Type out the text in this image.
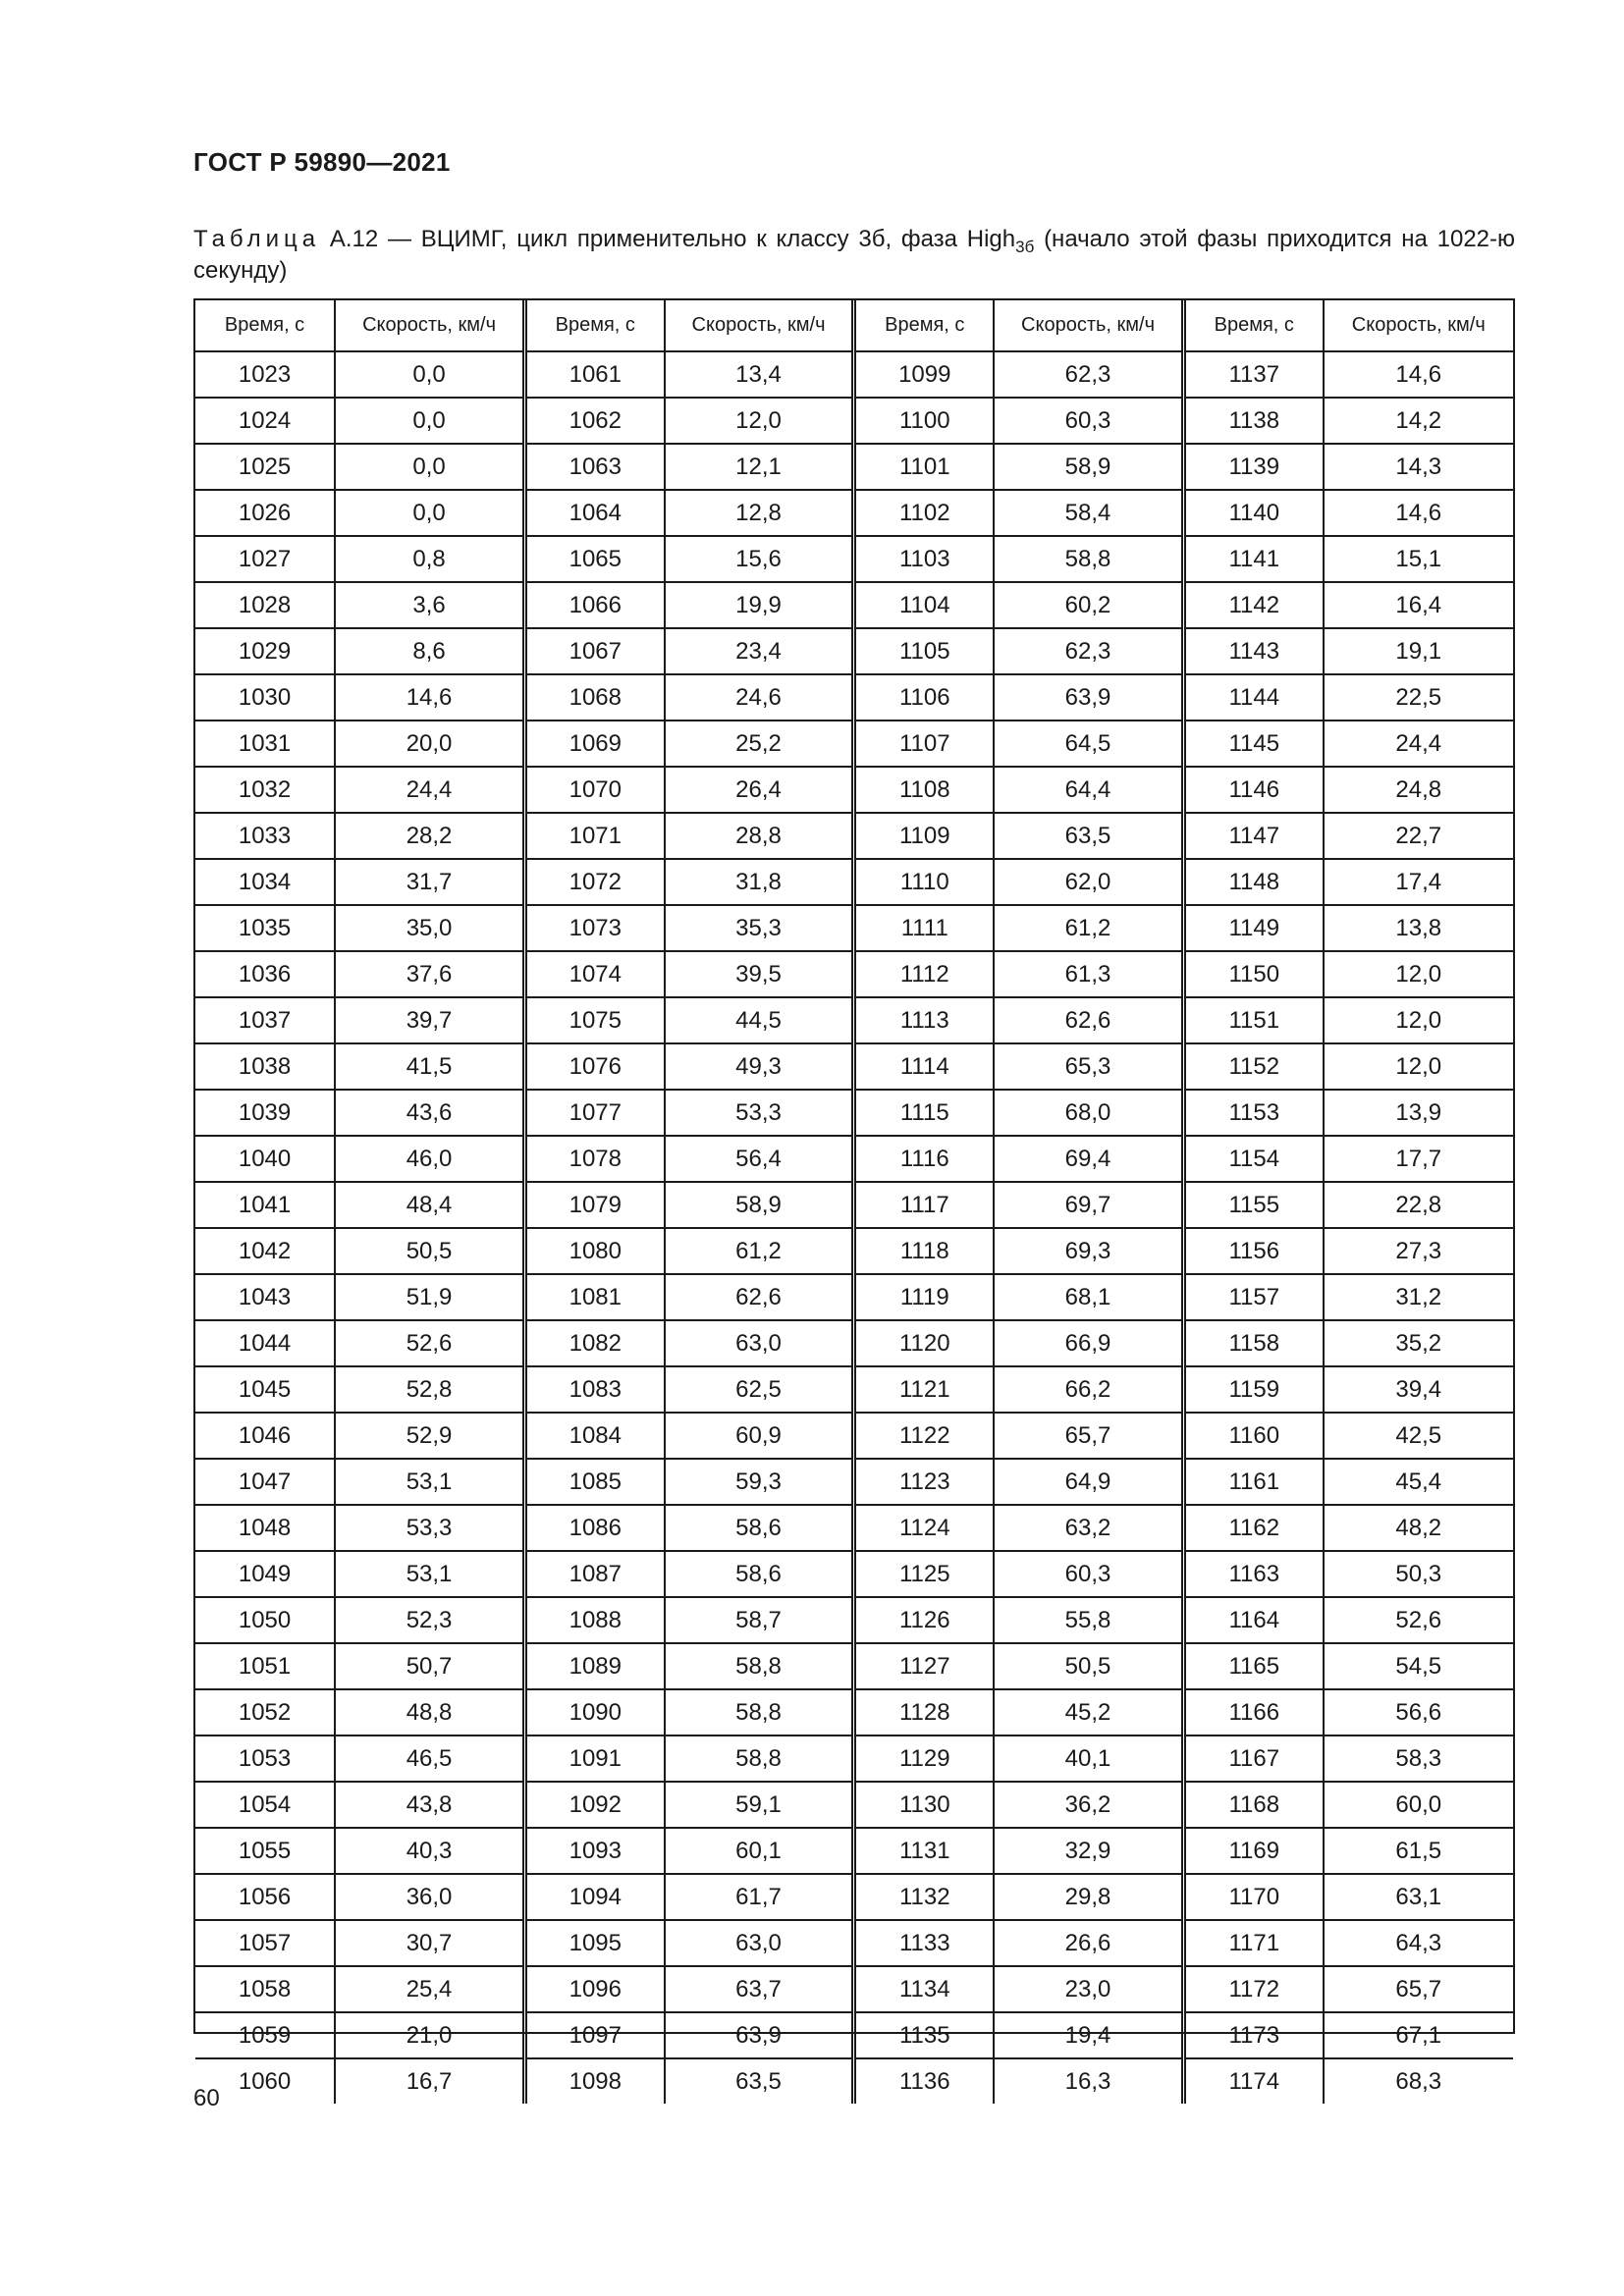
ГОСТ Р 59890—2021
Таблица А.12 — ВЦИМГ, цикл применительно к классу 3б, фаза High$_{3б}$ (начало этой фазы приходится на 1022-ю секунду)
Время, с	Скорость, км/ч	Время, с	Скорость, км/ч	Время, с	Скорость, км/ч	Время, с	Скорость, км/ч
1023	0,0	1061	13,4	1099	62,3	1137	14,6
1024	0,0	1062	12,0	1100	60,3	1138	14,2
1025	0,0	1063	12,1	1101	58,9	1139	14,3
1026	0,0	1064	12,8	1102	58,4	1140	14,6
1027	0,8	1065	15,6	1103	58,8	1141	15,1
1028	3,6	1066	19,9	1104	60,2	1142	16,4
1029	8,6	1067	23,4	1105	62,3	1143	19,1
1030	14,6	1068	24,6	1106	63,9	1144	22,5
1031	20,0	1069	25,2	1107	64,5	1145	24,4
1032	24,4	1070	26,4	1108	64,4	1146	24,8
1033	28,2	1071	28,8	1109	63,5	1147	22,7
1034	31,7	1072	31,8	1110	62,0	1148	17,4
1035	35,0	1073	35,3	1111	61,2	1149	13,8
1036	37,6	1074	39,5	1112	61,3	1150	12,0
1037	39,7	1075	44,5	1113	62,6	1151	12,0
1038	41,5	1076	49,3	1114	65,3	1152	12,0
1039	43,6	1077	53,3	1115	68,0	1153	13,9
1040	46,0	1078	56,4	1116	69,4	1154	17,7
1041	48,4	1079	58,9	1117	69,7	1155	22,8
1042	50,5	1080	61,2	1118	69,3	1156	27,3
1043	51,9	1081	62,6	1119	68,1	1157	31,2
1044	52,6	1082	63,0	1120	66,9	1158	35,2
1045	52,8	1083	62,5	1121	66,2	1159	39,4
1046	52,9	1084	60,9	1122	65,7	1160	42,5
1047	53,1	1085	59,3	1123	64,9	1161	45,4
1048	53,3	1086	58,6	1124	63,2	1162	48,2
1049	53,1	1087	58,6	1125	60,3	1163	50,3
1050	52,3	1088	58,7	1126	55,8	1164	52,6
1051	50,7	1089	58,8	1127	50,5	1165	54,5
1052	48,8	1090	58,8	1128	45,2	1166	56,6
1053	46,5	1091	58,8	1129	40,1	1167	58,3
1054	43,8	1092	59,1	1130	36,2	1168	60,0
1055	40,3	1093	60,1	1131	32,9	1169	61,5
1056	36,0	1094	61,7	1132	29,8	1170	63,1
1057	30,7	1095	63,0	1133	26,6	1171	64,3
1058	25,4	1096	63,7	1134	23,0	1172	65,7
1059	21,0	1097	63,9	1135	19,4	1173	67,1
1060	16,7	1098	63,5	1136	16,3	1174	68,3
60
